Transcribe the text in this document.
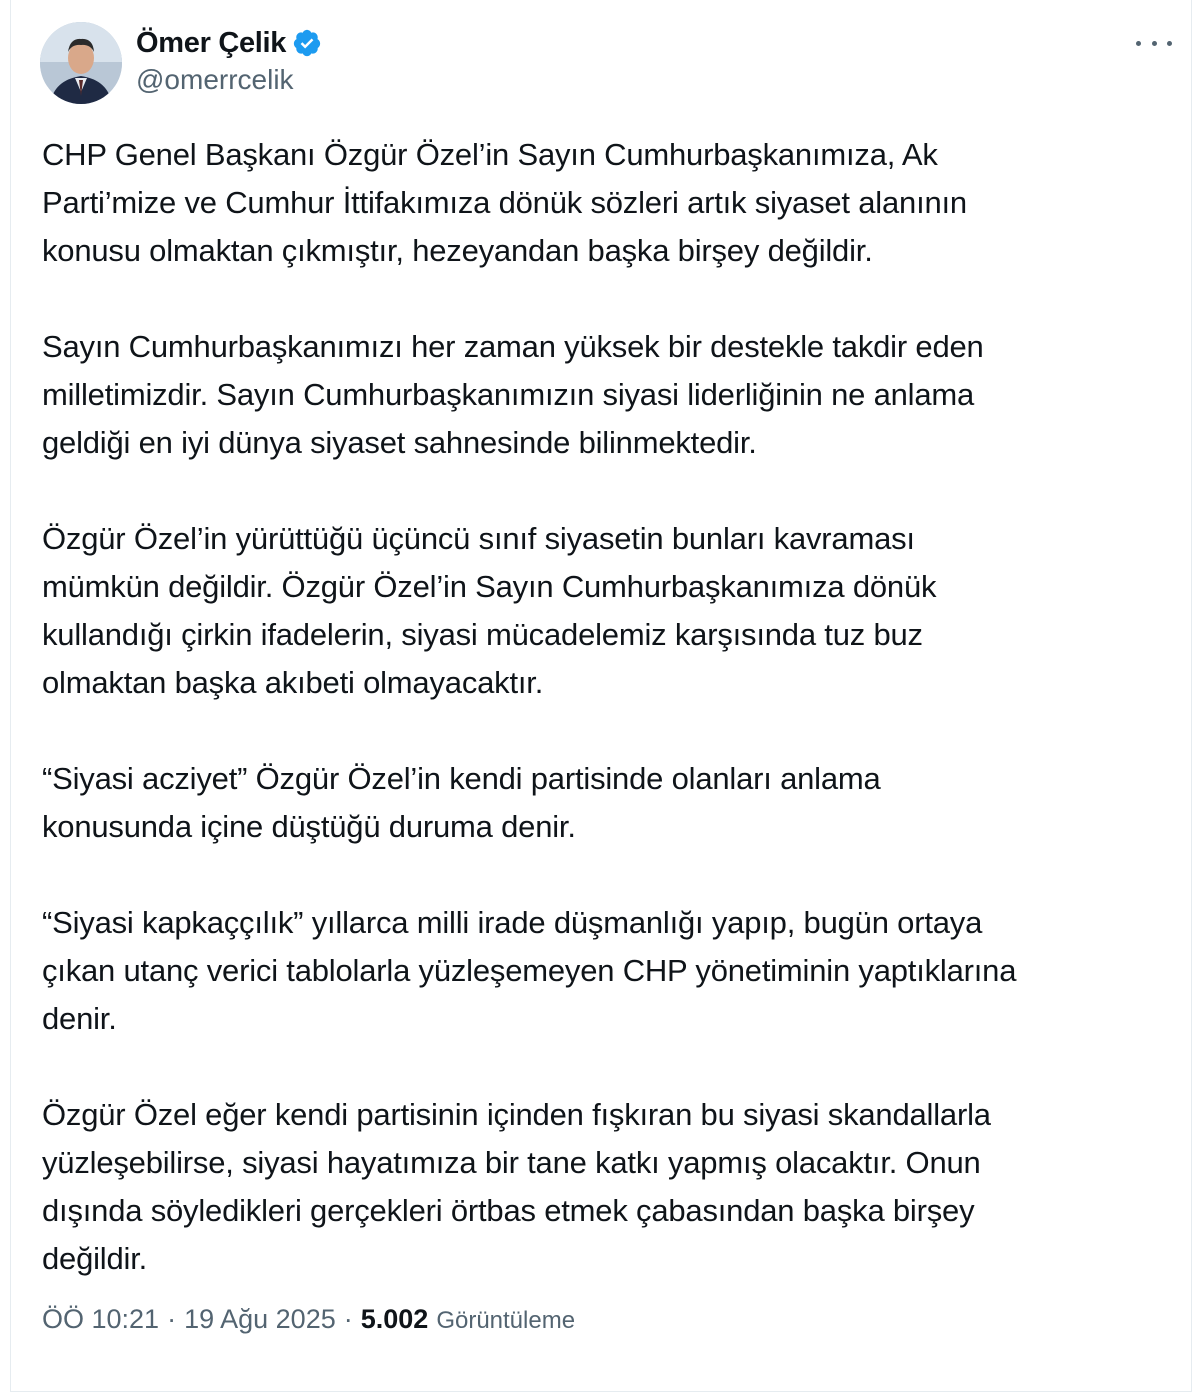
Ömer Çelik
@omerrcelik

CHP Genel Başkanı Özgür Özel’in Sayın Cumhurbaşkanımıza, Ak
Parti’mize ve Cumhur İttifakımıza dönük sözleri artık siyaset alanının
konusu olmaktan çıkmıştır, hezeyandan başka birşey değildir.

Sayın Cumhurbaşkanımızı her zaman yüksek bir destekle takdir eden
milletimizdir. Sayın Cumhurbaşkanımızın siyasi liderliğinin ne anlama
geldiği en iyi dünya siyaset sahnesinde bilinmektedir.

Özgür Özel’in yürüttüğü üçüncü sınıf siyasetin bunları kavraması
mümkün değildir. Özgür Özel’in Sayın Cumhurbaşkanımıza dönük
kullandığı çirkin ifadelerin, siyasi mücadelemiz karşısında tuz buz
olmaktan başka akıbeti olmayacaktır.

“Siyasi acziyet” Özgür Özel’in kendi partisinde olanları anlama
konusunda içine düştüğü duruma denir.

“Siyasi kapkaççılık” yıllarca milli irade düşmanlığı yapıp, bugün ortaya
çıkan utanç verici tablolarla yüzleşemeyen CHP yönetiminin yaptıklarına
denir.

Özgür Özel eğer kendi partisinin içinden fışkıran bu siyasi skandallarla
yüzleşebilirse, siyasi hayatımıza bir tane katkı yapmış olacaktır. Onun
dışında söyledikleri gerçekleri örtbas etmek çabasından başka birşey
değildir.

ÖÖ 10:21 · 19 Ağu 2025 · 5.002 Görüntüleme
